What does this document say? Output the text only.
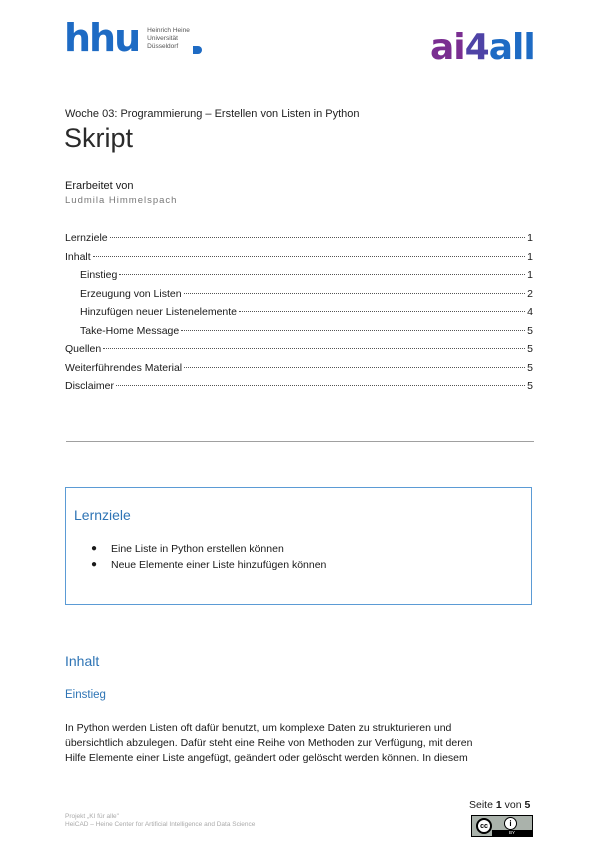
hhu Heinrich Heine
Universität
Düsseldorf	ai 4 all
Woche 03: Programmierung – Erstellen von Listen in Python
Skript
Erarbeitet von
Ludmila Himmelspach
Lernziele	1
Inhalt	1
Einstieg	1
Erzeugung von Listen	2
Hinzufügen neuer Listenelemente	4
Take-Home Message	5
Quellen	5
Weiterführendes Material	5
Disclaimer	5
Lernziele
●	Eine Liste in Python erstellen können
●	Neue Elemente einer Liste hinzufügen können
Inhalt
Einstieg

In Python werden Listen oft dafür benutzt, um komplexe Daten zu strukturieren und

übersichtlich abzulegen. Dafür steht eine Reihe von Methoden zur Verfügung, mit deren

Hilfe Elemente einer Liste angefügt, geändert oder gelöscht werden können. In diesem

Projekt „KI für alle"
HeiCAD – Heine Center for Artificial Intelligence and Data Science
Seite 1 von 5
cc	i
BY
